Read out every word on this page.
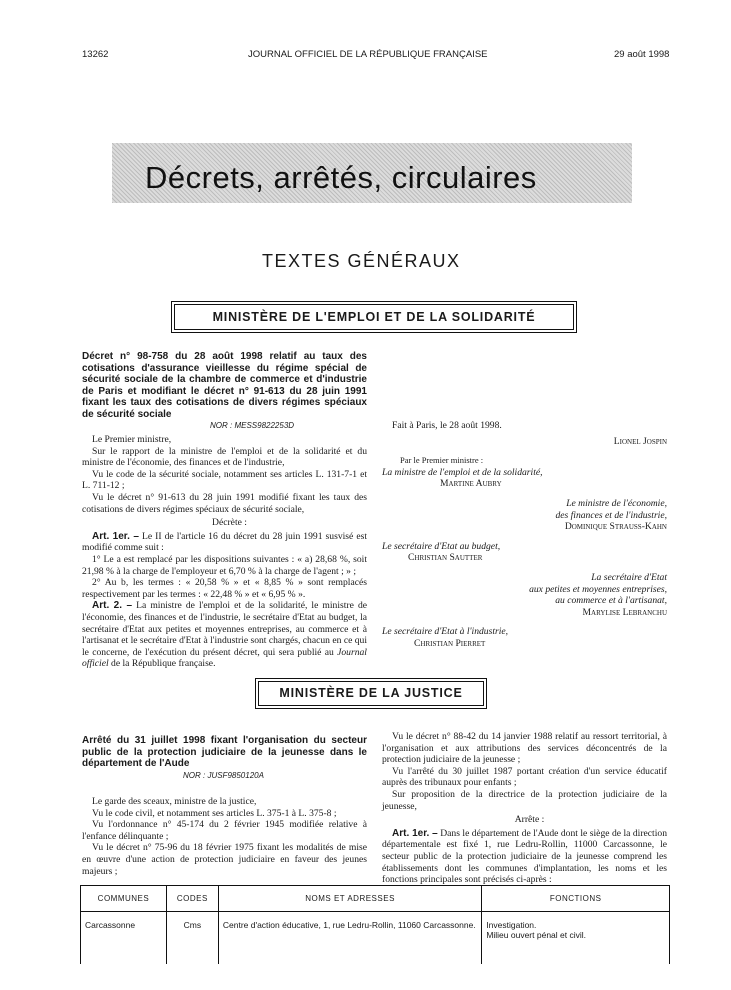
13262	JOURNAL OFFICIEL DE LA RÉPUBLIQUE FRANÇAISE	29 août 1998
Décrets, arrêtés, circulaires
TEXTES GÉNÉRAUX
MINISTÈRE DE L'EMPLOI ET DE LA SOLIDARITÉ
Décret n° 98-758 du 28 août 1998 relatif au taux des cotisations d'assurance vieillesse du régime spécial de sécurité sociale de la chambre de commerce et d'industrie de Paris et modifiant le décret n° 91-613 du 28 juin 1991 fixant les taux des cotisations de divers régimes spéciaux de sécurité sociale
NOR : MESS9822253D

Le Premier ministre,

Sur le rapport de la ministre de l'emploi et de la solidarité et du ministre de l'économie, des finances et de l'industrie,

Vu le code de la sécurité sociale, notamment ses articles L. 131-7-1 et L. 711-12 ;

Vu le décret n° 91-613 du 28 juin 1991 modifié fixant les taux des cotisations de divers régimes spéciaux de sécurité sociale,

Décrète :

Art. 1er. – Le II de l'article 16 du décret du 28 juin 1991 susvisé est modifié comme suit :

1° Le a est remplacé par les dispositions suivantes : « a) 28,68 %, soit 21,98 % à la charge de l'employeur et 6,70 % à la charge de l'agent ; » ;

2° Au b, les termes : « 20,58 % » et « 8,85 % » sont remplacés respectivement par les termes : « 22,48 % » et « 6,95 % ».

Art. 2. – La ministre de l'emploi et de la solidarité, le ministre de l'économie, des finances et de l'industrie, le secrétaire d'Etat au budget, la secrétaire d'Etat aux petites et moyennes entreprises, au commerce et à l'artisanat et le secrétaire d'Etat à l'industrie sont chargés, chacun en ce qui le concerne, de l'exécution du présent décret, qui sera publié au Journal officiel de la République française.

Fait à Paris, le 28 août 1998.

Lionel Jospin
Par le Premier ministre :
La ministre de l'emploi et de la solidarité,
Martine Aubry
Le ministre de l'économie,
des finances et de l'industrie,
Dominique Strauss-Kahn
Le secrétaire d'Etat au budget,
Christian Sautter
La secrétaire d'Etat
aux petites et moyennes entreprises,
au commerce et à l'artisanat,
Marylise Lebranchu
Le secrétaire d'Etat à l'industrie,
Christian Pierret
MINISTÈRE DE LA JUSTICE
Arrêté du 31 juillet 1998 fixant l'organisation du secteur public de la protection judiciaire de la jeunesse dans le département de l'Aude
NOR : JUSF9850120A

Le garde des sceaux, ministre de la justice,

Vu le code civil, et notamment ses articles L. 375-1 à L. 375-8 ;

Vu l'ordonnance n° 45-174 du 2 février 1945 modifiée relative à l'enfance délinquante ;

Vu le décret n° 75-96 du 18 février 1975 fixant les modalités de mise en œuvre d'une action de protection judiciaire en faveur des jeunes majeurs ;

Vu le décret n° 88-42 du 14 janvier 1988 relatif au ressort territorial, à l'organisation et aux attributions des services déconcentrés de la protection judiciaire de la jeunesse ;

Vu l'arrêté du 30 juillet 1987 portant création d'un service éducatif auprès des tribunaux pour enfants ;

Sur proposition de la directrice de la protection judiciaire de la jeunesse,

Arrête :

Art. 1er. – Dans le département de l'Aude dont le siège de la direction départementale est fixé 1, rue Ledru-Rollin, 11000 Carcassonne, le secteur public de la protection judiciaire de la jeunesse comprend les établissements dont les communes d'implantation, les noms et les fonctions principales sont précisés ci-après :

COMMUNES	CODES	NOMS ET ADRESSES	FONCTIONS
Carcassonne	Cms	Centre d'action éducative, 1, rue Ledru-Rollin, 11060 Carcassonne.	Investigation.
Milieu ouvert pénal et civil.
